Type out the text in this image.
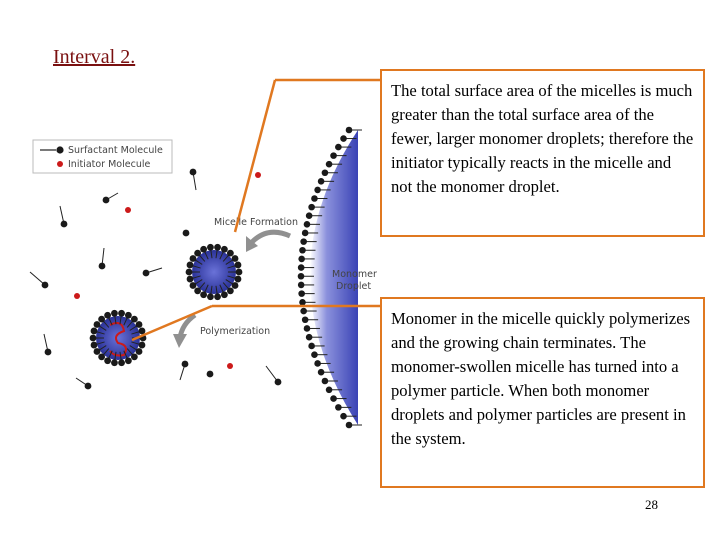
Interval 2.
Surfactant Molecule
Initiator Molecule
Monomer
Droplet
Micelle Formation
Polymerization
The total surface area of the micelles is much greater than the total surface area of the fewer, larger monomer droplets; therefore the initiator typically reacts in the micelle and not the monomer droplet.
Monomer in the micelle quickly polymerizes and the growing chain terminates. The monomer-swollen micelle has turned into a polymer particle. When both monomer droplets and polymer particles are present in the system.
28
